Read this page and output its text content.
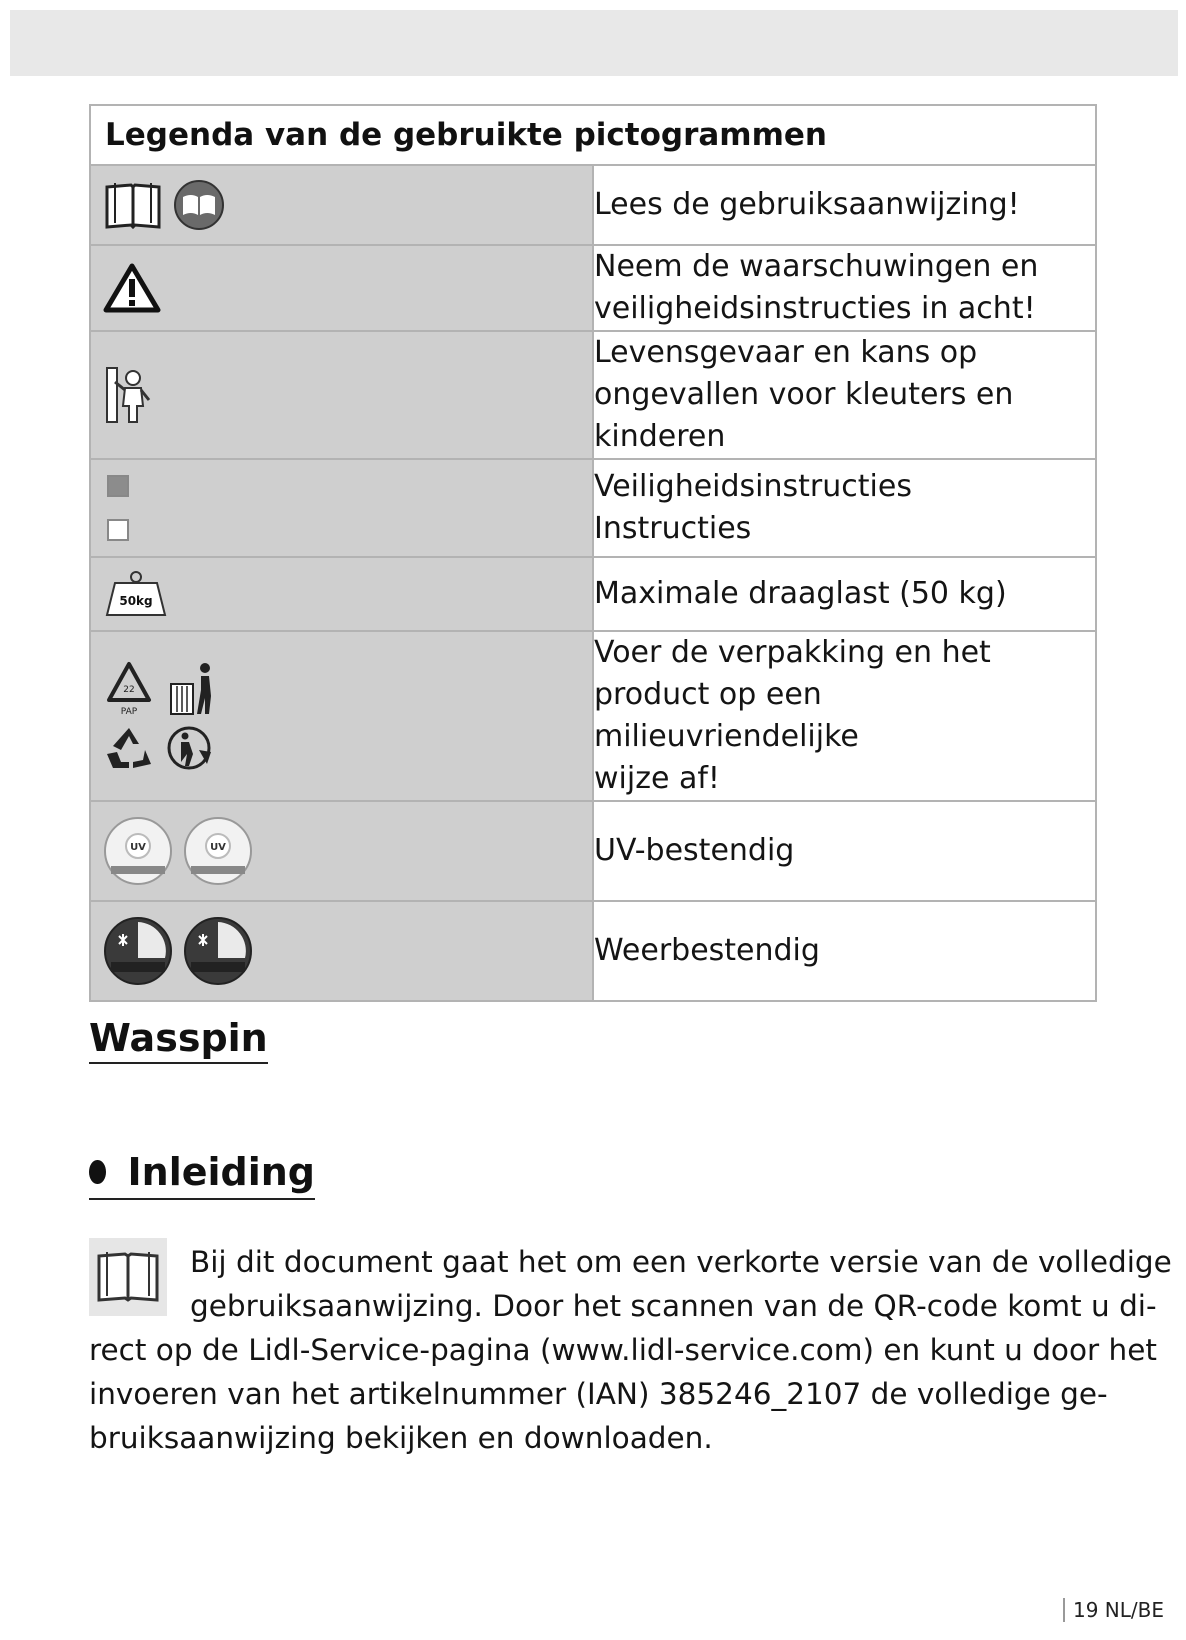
Legenda van de gebruikte pictogrammen	

	Lees de gebruiksaanwijzing!

	Neem de waarschuwingen en veiligheidsinstructies in acht!

Levensgevaar en kans op ongevallen voor kleuters en
kinderen

	Veiligheidsinstructies
Instructies

50kg	Maximale draaglast (50 kg)

22
PAP	Voer de verpakking en het product op een milieuvriendelijke
wijze af!

UV UV	UV-bestendig

	Weerbestendig
Wasspin
Inleiding
Bij dit document gaat het om een verkorte versie van de volledige
gebruiksaanwijzing. Door het scannen van de QR-code komt u di-
rect op de Lidl-Service-pagina (www.lidl-service.com) en kunt u door het
invoeren van het artikelnummer (IAN) 385246_2107 de volledige ge-
bruiksaanwijzing bekijken en downloaden.
19 NL/BE
